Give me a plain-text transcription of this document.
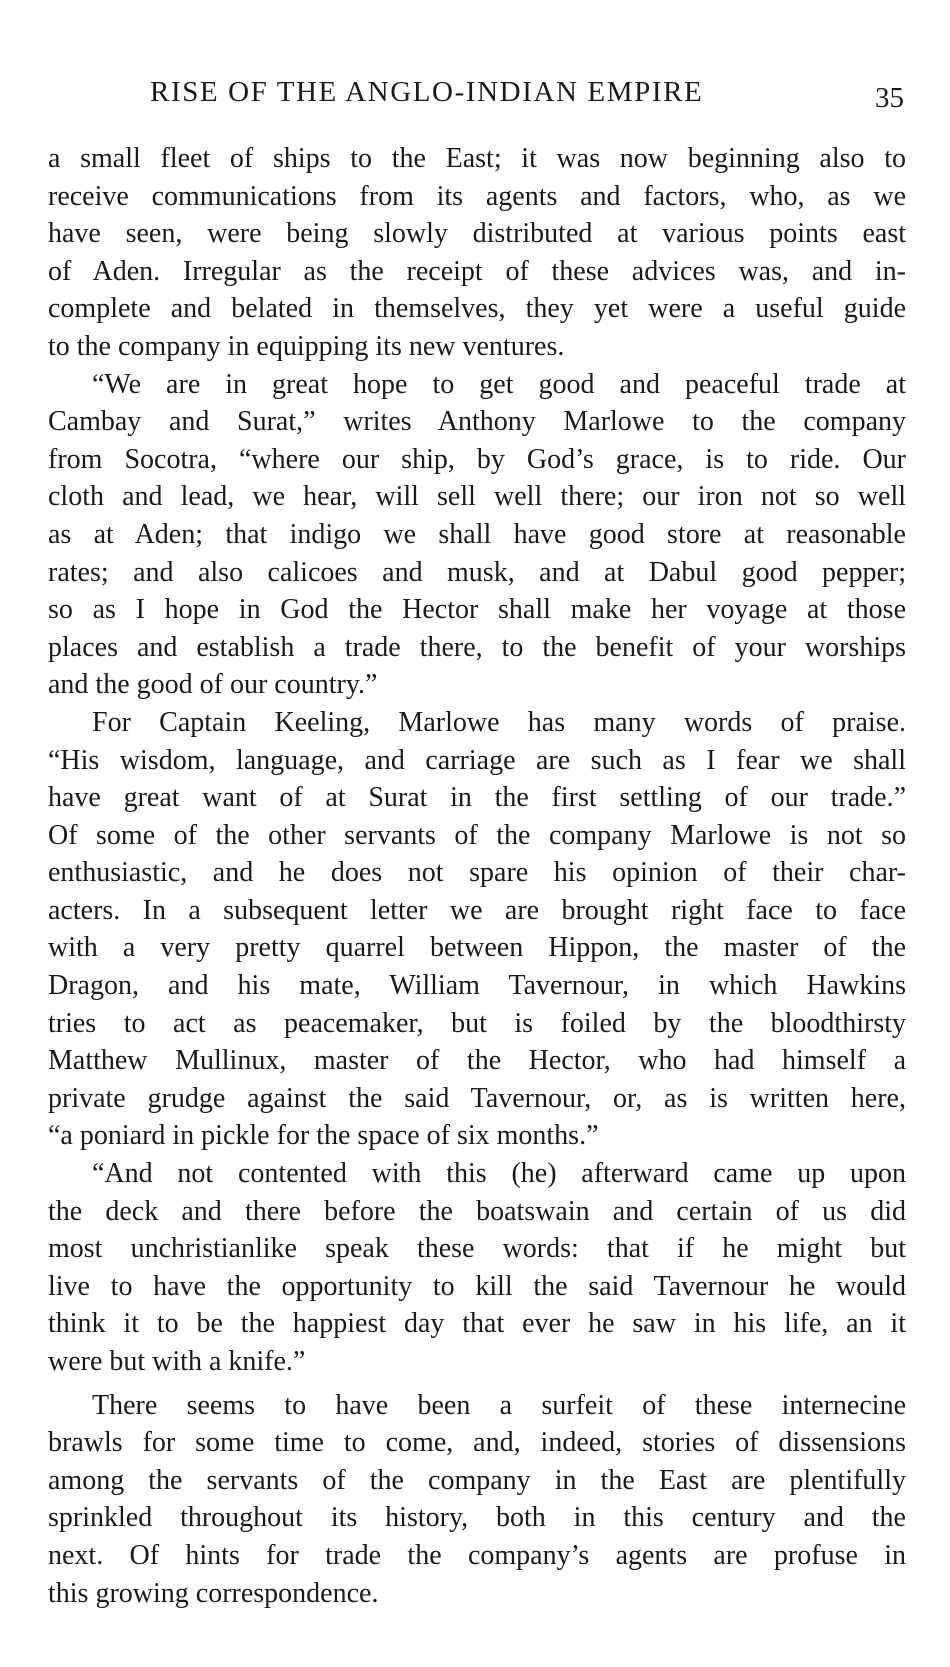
RISE OF THE ANGLO-INDIAN EMPIRE	35
a small fleet of ships to the East; it was now beginning also to
receive communications from its agents and factors, who, as we
have seen, were being slowly distributed at various points east
of Aden. Irregular as the receipt of these advices was, and in-
complete and belated in themselves, they yet were a useful guide
to the company in equipping its new ventures.
“We are in great hope to get good and peaceful trade at
Cambay and Surat,” writes Anthony Marlowe to the company
from Socotra, “where our ship, by God’s grace, is to ride. Our
cloth and lead, we hear, will sell well there; our iron not so well
as at Aden; that indigo we shall have good store at reasonable
rates; and also calicoes and musk, and at Dabul good pepper;
so as I hope in God the Hector shall make her voyage at those
places and establish a trade there, to the benefit of your worships
and the good of our country.”
For Captain Keeling, Marlowe has many words of praise.
“His wisdom, language, and carriage are such as I fear we shall
have great want of at Surat in the first settling of our trade.”
Of some of the other servants of the company Marlowe is not so
enthusiastic, and he does not spare his opinion of their char-
acters. In a subsequent letter we are brought right face to face
with a very pretty quarrel between Hippon, the master of the
Dragon, and his mate, William Tavernour, in which Hawkins
tries to act as peacemaker, but is foiled by the bloodthirsty
Matthew Mullinux, master of the Hector, who had himself a
private grudge against the said Tavernour, or, as is written here,
“a poniard in pickle for the space of six months.”
“And not contented with this (he) afterward came up upon
the deck and there before the boatswain and certain of us did
most unchristianlike speak these words: that if he might but
live to have the opportunity to kill the said Tavernour he would
think it to be the happiest day that ever he saw in his life, an it
were but with a knife.”
There seems to have been a surfeit of these internecine
brawls for some time to come, and, indeed, stories of dissensions
among the servants of the company in the East are plentifully
sprinkled throughout its history, both in this century and the
next. Of hints for trade the company’s agents are profuse in
this growing correspondence.
